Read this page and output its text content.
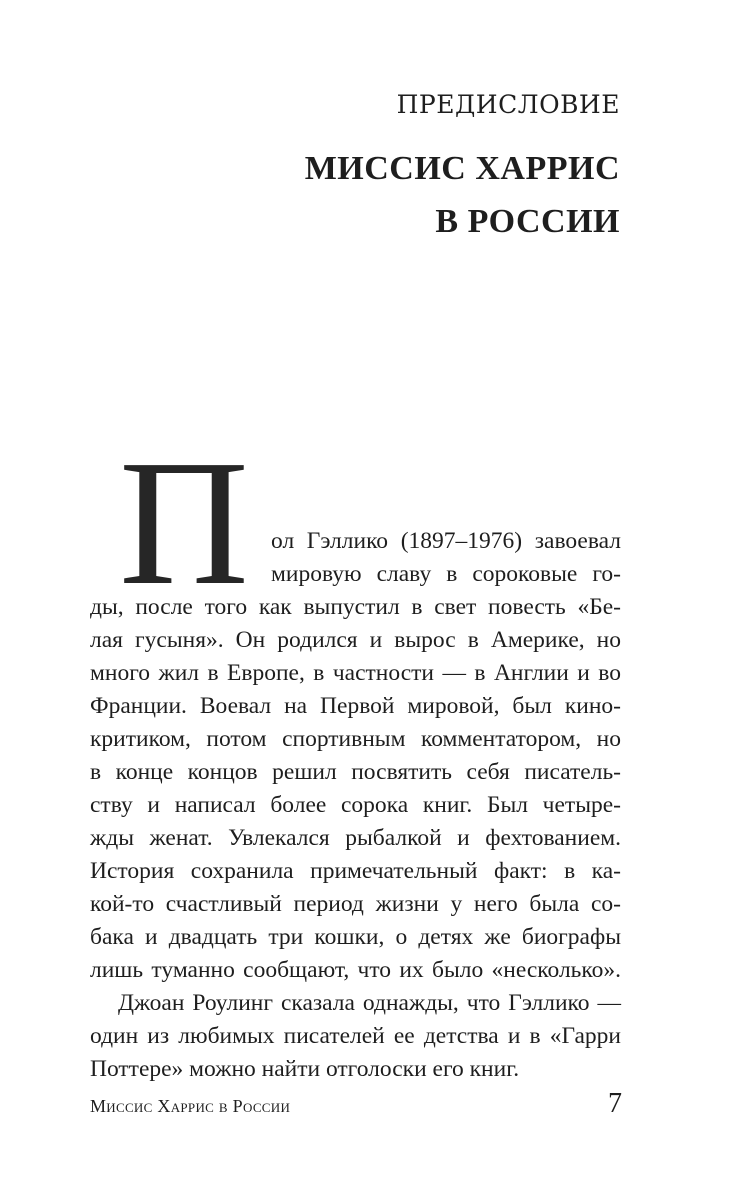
ПРЕДИСЛОВИЕ
МИССИС ХАРРИС
В РОССИИ
П ол Гэллико (1897–1976) завоевал
мировую славу в сороковые го-
ды, после того как выпустил в свет повесть «Бе-
лая гусыня». Он родился и вырос в Америке, но
много жил в Европе, в частности — в Англии и во
Франции. Воевал на Первой мировой, был кино-
критиком, потом спортивным комментатором, но
в конце концов решил посвятить себя писатель-
ству и написал более сорока книг. Был четыре-
жды женат. Увлекался рыбалкой и фехтованием.
История сохранила примечательный факт: в ка-
кой-то счастливый период жизни у него была со-
бака и двадцать три кошки, о детях же биографы
лишь туманно сообщают, что их было «несколько».
Джоан Роулинг сказала однажды, что Гэллико —
один из любимых писателей ее детства и в «Гарри
Поттере» можно найти отголоски его книг.
Миссис Харрис в России	7
